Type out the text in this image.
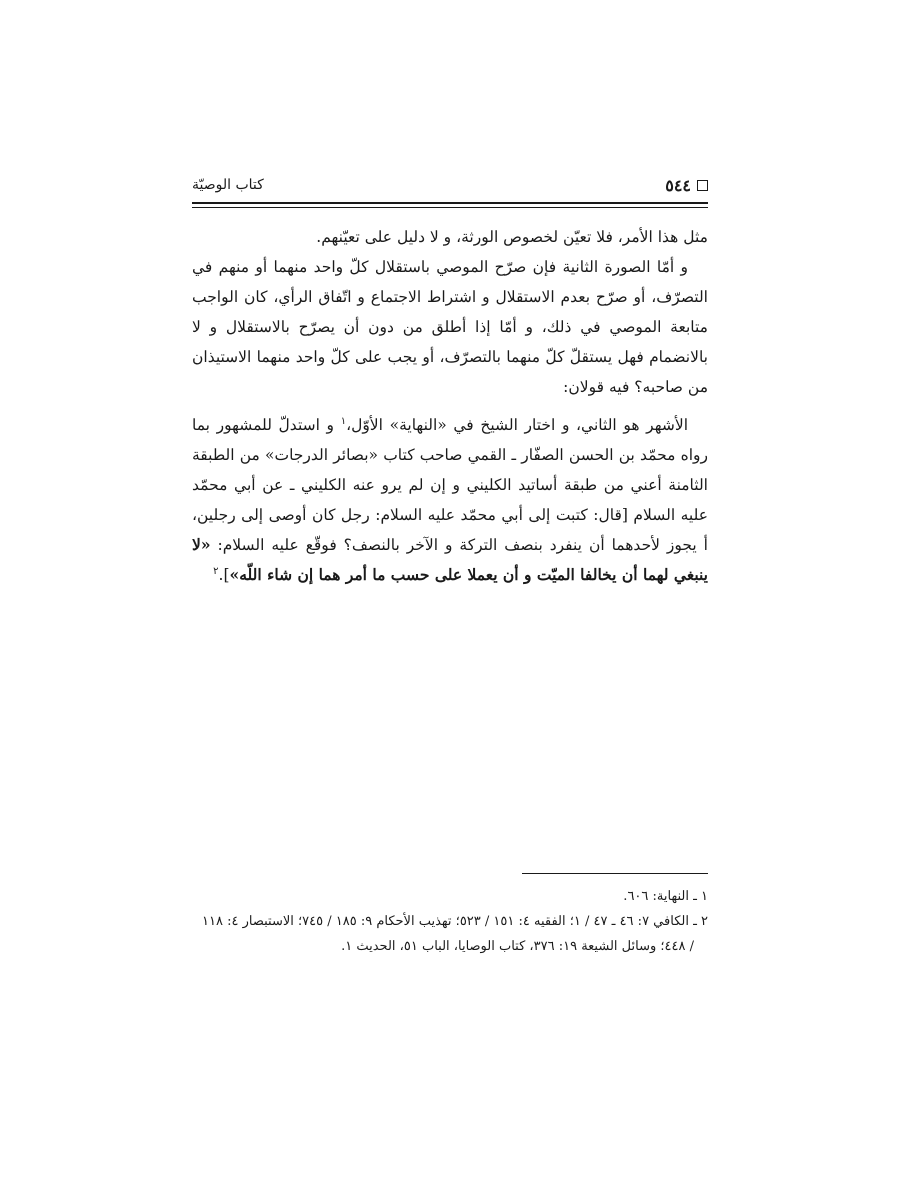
٥٤٤
كتاب الوصيّة

مثل هذا الأمر، فلا تعيّن لخصوص الورثة، و لا دليل على تعيّنهم.

و أمّا الصورة الثانية فإن صرّح الموصي باستقلال كلّ واحد منهما أو منهم في التصرّف، أو صرّح بعدم الاستقلال و اشتراط الاجتماع و اتّفاق الرأي، كان الواجب متابعة الموصي في ذلك، و أمّا إذا أطلق من دون أن يصرّح بالاستقلال و لا بالانضمام فهل يستقلّ كلّ منهما بالتصرّف، أو يجب على كلّ واحد منهما الاستيذان من صاحبه؟ فيه قولان:

الأشهر هو الثاني، و اختار الشيخ في «النهاية» الأوّل،$^١$ و استدلّ للمشهور بما رواه محمّد بن الحسن الصفّار ـ القمي صاحب كتاب «بصائر الدرجات» من الطبقة الثامنة أعني من طبقة أساتيد الكليني و إن لم يرو عنه الكليني ـ عن أبي محمّد عليه السلام [قال: كتبت إلى أبي محمّد عليه السلام: رجل كان أوصى إلى رجلين، أ يجوز لأحدهما أن ينفرد بنصف التركة و الآخر بالنصف؟ فوقّع عليه السلام: «لا ينبغي لهما أن يخالفا الميّت و أن يعملا على حسب ما أمر هما إن شاء اللّه»].$^٢$

١ ـ النهاية: ٦٠٦.

٢ ـ الكافي ٧: ٤٦ ـ ٤٧ / ١؛ الفقيه ٤: ١٥١ / ٥٢٣؛ تهذيب الأحكام ٩: ١٨٥ / ٧٤٥؛ الاستبصار ٤: ١١٨

/ ٤٤٨؛ وسائل الشيعة ١٩: ٣٧٦، كتاب الوصايا، الباب ٥١، الحديث ١.
